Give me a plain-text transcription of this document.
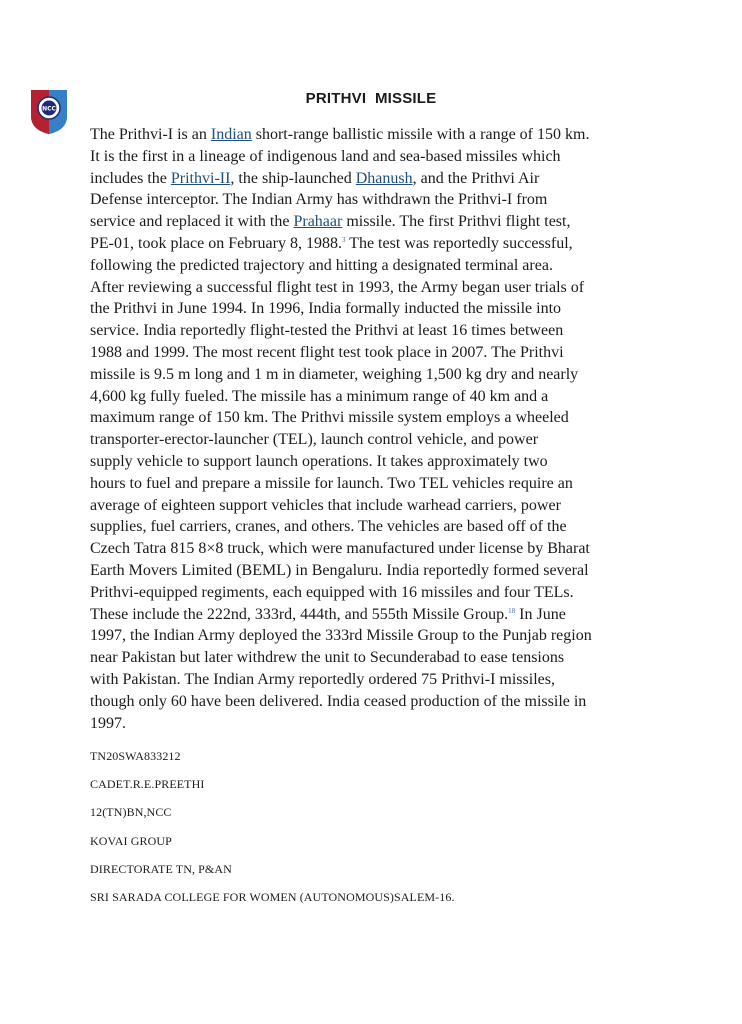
NCC
PRITHVI  MISSILE
The Prithvi-I is an Indian short-range ballistic missile with a range of 150 km.
It is the first in a lineage of indigenous land and sea-based missiles which
includes the Prithvi-II, the ship-launched Dhanush, and the Prithvi Air
Defense interceptor. The Indian Army has withdrawn the Prithvi-I from
service and replaced it with the Prahaar missile. The first Prithvi flight test,
PE-01, took place on February 8, 1988.$^3$ The test was reportedly successful,
following the predicted trajectory and hitting a designated terminal area.
After reviewing a successful flight test in 1993, the Army began user trials of
the Prithvi in June 1994. In 1996, India formally inducted the missile into
service. India reportedly flight-tested the Prithvi at least 16 times between
1988 and 1999. The most recent flight test took place in 2007. The Prithvi
missile is 9.5 m long and 1 m in diameter, weighing 1,500 kg dry and nearly
4,600 kg fully fueled. The missile has a minimum range of 40 km and a
maximum range of 150 km. The Prithvi missile system employs a wheeled
transporter-erector-launcher (TEL), launch control vehicle, and power
supply vehicle to support launch operations. It takes approximately two
hours to fuel and prepare a missile for launch. Two TEL vehicles require an
average of eighteen support vehicles that include warhead carriers, power
supplies, fuel carriers, cranes, and others. The vehicles are based off of the
Czech Tatra 815 8×8 truck, which were manufactured under license by Bharat
Earth Movers Limited (BEML) in Bengaluru. India reportedly formed several
Prithvi-equipped regiments, each equipped with 16 missiles and four TELs.
These include the 222nd, 333rd, 444th, and 555th Missile Group.$^{18}$ In June
1997, the Indian Army deployed the 333rd Missile Group to the Punjab region
near Pakistan but later withdrew the unit to Secunderabad to ease tensions
with Pakistan. The Indian Army reportedly ordered 75 Prithvi-I missiles,
though only 60 have been delivered. India ceased production of the missile in
1997.
TN20SWA833212
CADET.R.E.PREETHI
12(TN)BN,NCC
KOVAI GROUP
DIRECTORATE TN, P&AN
SRI SARADA COLLEGE FOR WOMEN (AUTONOMOUS)SALEM-16.
